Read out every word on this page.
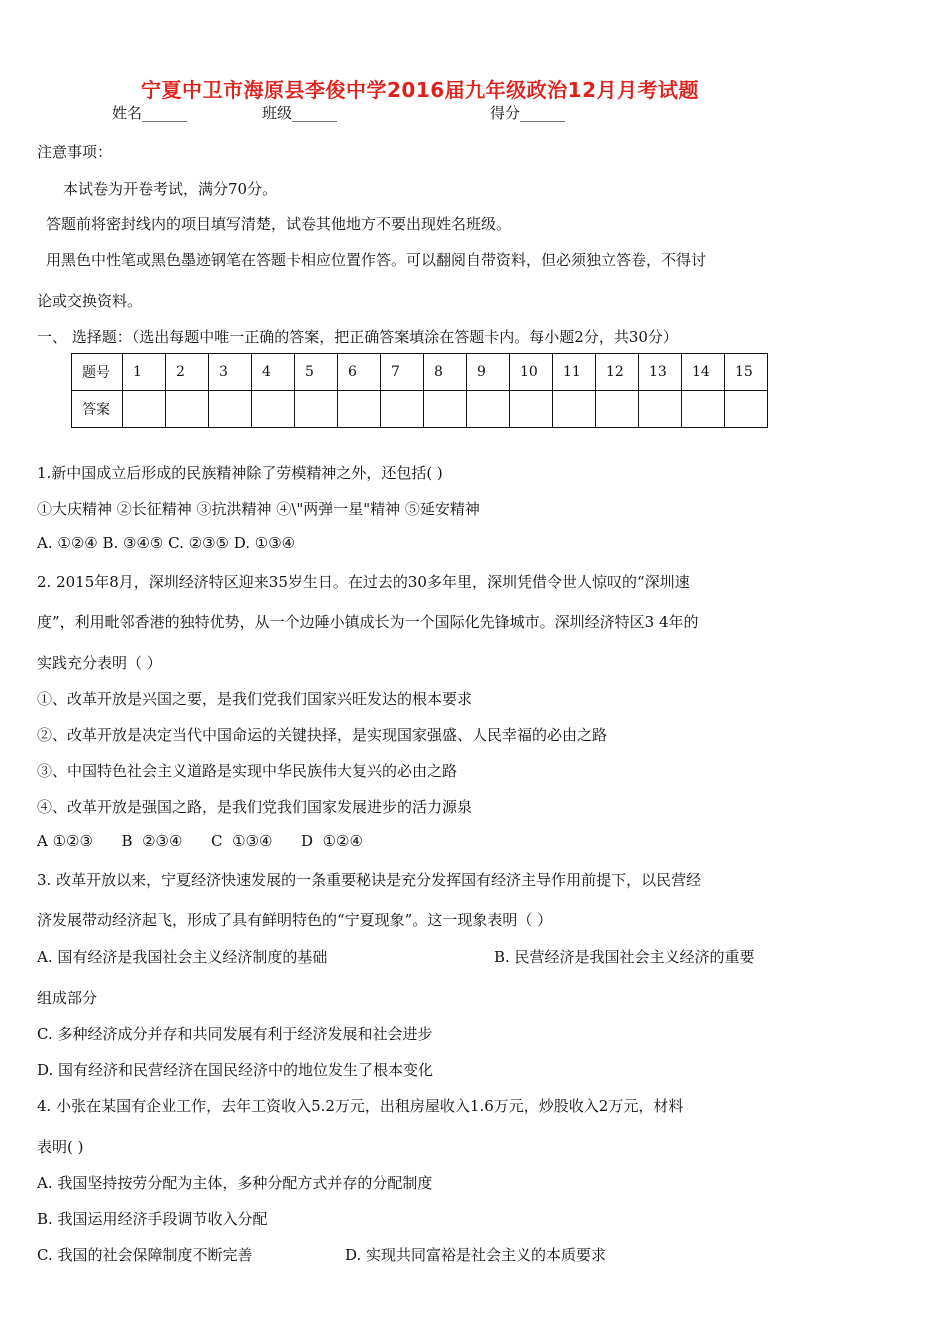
宁夏中卫市海原县李俊中学2016届九年级政治12月月考试题
姓名______	班级______	得分______
注意事项：
本试卷为开卷考试，满分70分。
答题前将密封线内的项目填写清楚，试卷其他地方不要出现姓名班级。
用黑色中性笔或黑色墨迹钢笔在答题卡相应位置作答。可以翻阅自带资料，但必须独立答卷，不得讨
论或交换资料。
一、 选择题：（选出每题中唯一正确的答案，把正确答案填涂在答题卡内。每小题2分，共30分）
题号	1	2	3	4	5	6	7	8	9	10	11	12	13	14	15
答案															
1.新中国成立后形成的民族精神除了劳模精神之外，还包括( )
①大庆精神 ②长征精神 ③抗洪精神 ④\"两弹一星"精神 ⑤延安精神
A. ①②④ B. ③④⑤ C. ②③⑤ D. ①③④
2. 2015年8月，深圳经济特区迎来35岁生日。在过去的30多年里，深圳凭借令世人惊叹的“深圳速
度”，利用毗邻香港的独特优势，从一个边陲小镇成长为一个国际化先锋城市。深圳经济特区3 4年的
实践充分表明（ ）
①、改革开放是兴国之要，是我们党我们国家兴旺发达的根本要求
②、改革开放是决定当代中国命运的关键抉择，是实现国家强盛、人民幸福的必由之路
③、中国特色社会主义道路是实现中华民族伟大复兴的必由之路
④、改革开放是强国之路，是我们党我们国家发展进步的活力源泉
A ①②③      B  ②③④      C  ①③④      D  ①②④
3. 改革开放以来，宁夏经济快速发展的一条重要秘诀是充分发挥国有经济主导作用前提下，以民营经
济发展带动经济起飞，形成了具有鲜明特色的“宁夏现象”。这一现象表明（ ）
A. 国有经济是我国社会主义经济制度的基础	B. 民营经济是我国社会主义经济的重要
组成部分
C. 多种经济成分并存和共同发展有利于经济发展和社会进步
D. 国有经济和民营经济在国民经济中的地位发生了根本变化
4. 小张在某国有企业工作，去年工资收入5.2万元，出租房屋收入1.6万元，炒股收入2万元，材料
表明( )
A. 我国坚持按劳分配为主体，多种分配方式并存的分配制度
B. 我国运用经济手段调节收入分配
C. 我国的社会保障制度不断完善	D. 实现共同富裕是社会主义的本质要求
